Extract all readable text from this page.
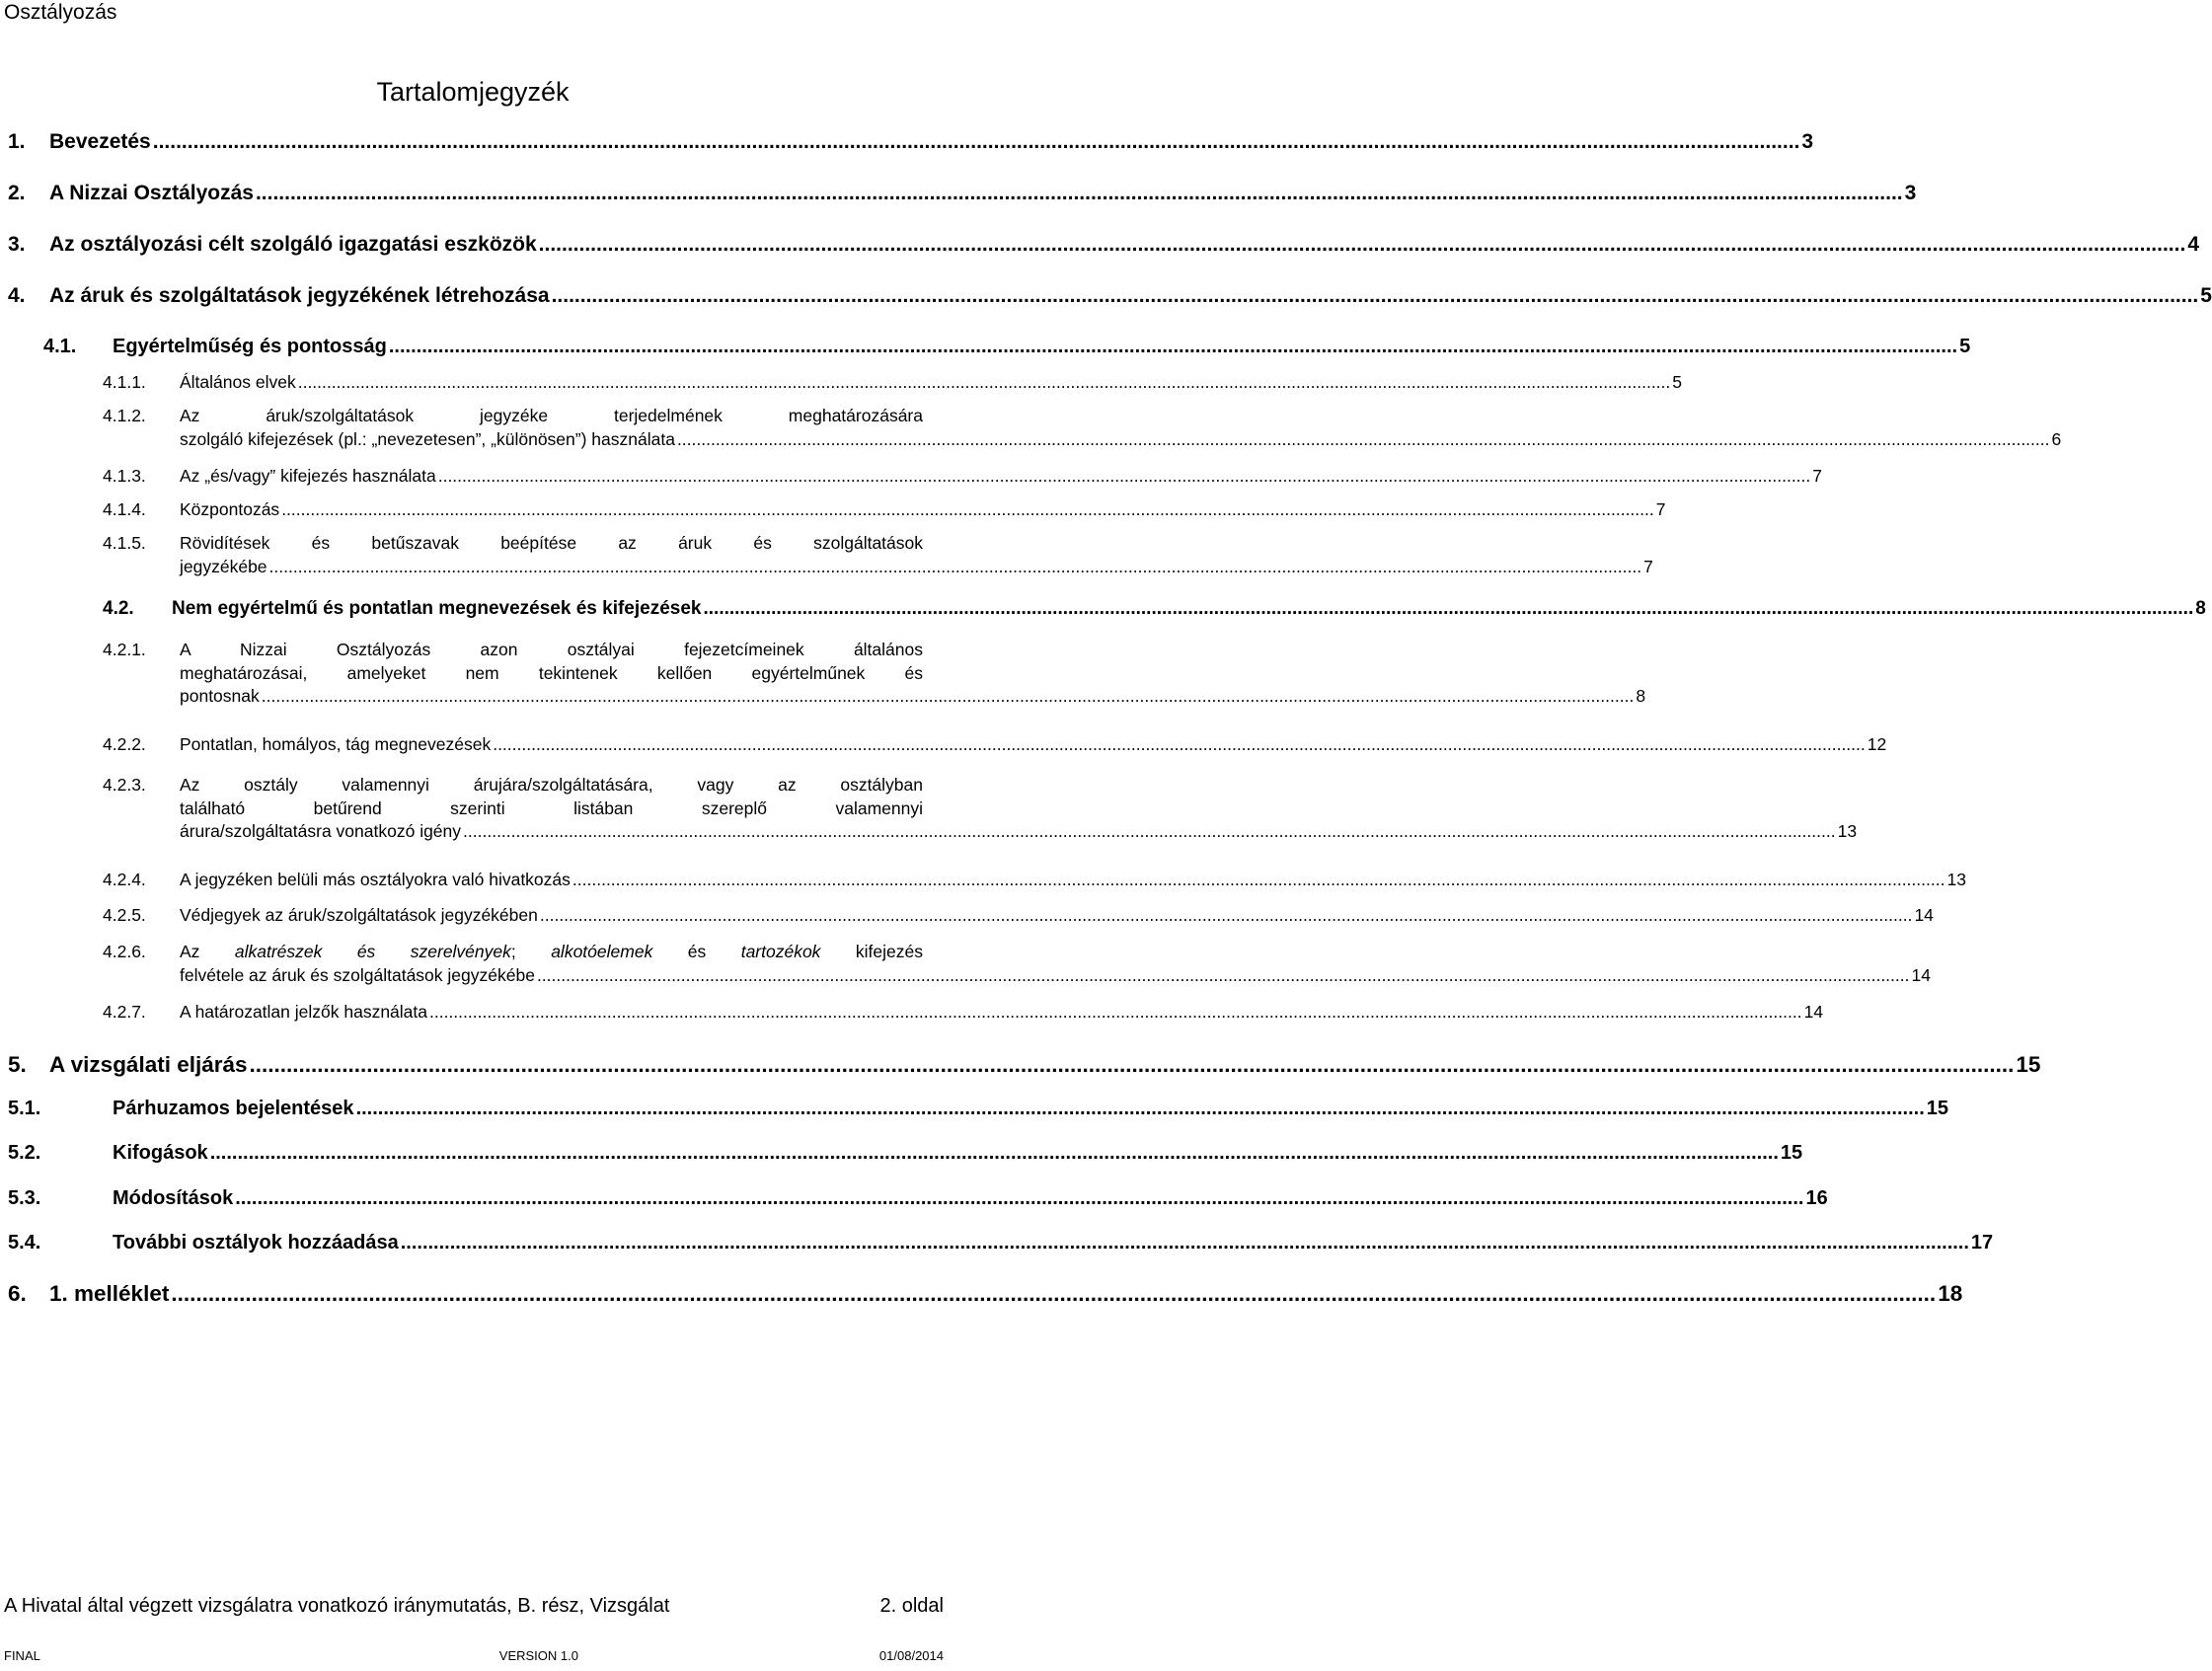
Osztályozás
Tartalomjegyzék
1.	Bevezetés .....	3
2.	A Nizzai Osztályozás .....	3
3.	Az osztályozási célt szolgáló igazgatási eszközök .....	4
4.	Az áruk és szolgáltatások jegyzékének létrehozása .....	5
4.1.	Egyértelműség és pontosság .....	5
4.1.1.	Általános elvek .....	5
4.1.2.	Az áruk/szolgáltatások jegyzéke terjedelmének meghatározására
szolgáló kifejezések (pl.: „nevezetesen”, „különösen”) használata .....	6
4.1.3.	Az „és/vagy” kifejezés használata .....	7
4.1.4.	Központozás .....	7
4.1.5.	Rövidítések és betűszavak beépítése az áruk és szolgáltatások
jegyzékébe .....	7
4.2.	Nem egyértelmű és pontatlan megnevezések és kifejezések .....	8
4.2.1.	A Nizzai Osztályozás azon osztályai fejezetcímeinek általános
meghatározásai, amelyeket nem tekintenek kellően egyértelműnek és
pontosnak .....	8
4.2.2.	Pontatlan, homályos, tág megnevezések .....	12
4.2.3.	Az osztály valamennyi árujára/szolgáltatására, vagy az osztályban
található betűrend szerinti listában szereplő valamennyi
árura/szolgáltatásra vonatkozó igény .....	13
4.2.4.	A jegyzéken belüli más osztályokra való hivatkozás .....	13
4.2.5.	Védjegyek az áruk/szolgáltatások jegyzékében .....	14
4.2.6.	Az alkatrészek és szerelvények; alkotóelemek és tartozékok kifejezés
felvétele az áruk és szolgáltatások jegyzékébe .....	14
4.2.7.	A határozatlan jelzők használata .....	14
5.	A vizsgálati eljárás .....	15
5.1.	Párhuzamos bejelentések .....	15
5.2.	Kifogások .....	15
5.3.	Módosítások .....	16
5.4.	További osztályok hozzáadása .....	17
6.	1. melléklet .....	18
A Hivatal által végzett vizsgálatra vonatkozó iránymutatás, B. rész, Vizsgálat	2. oldal
FINAL	VERSION 1.0	01/08/2014
